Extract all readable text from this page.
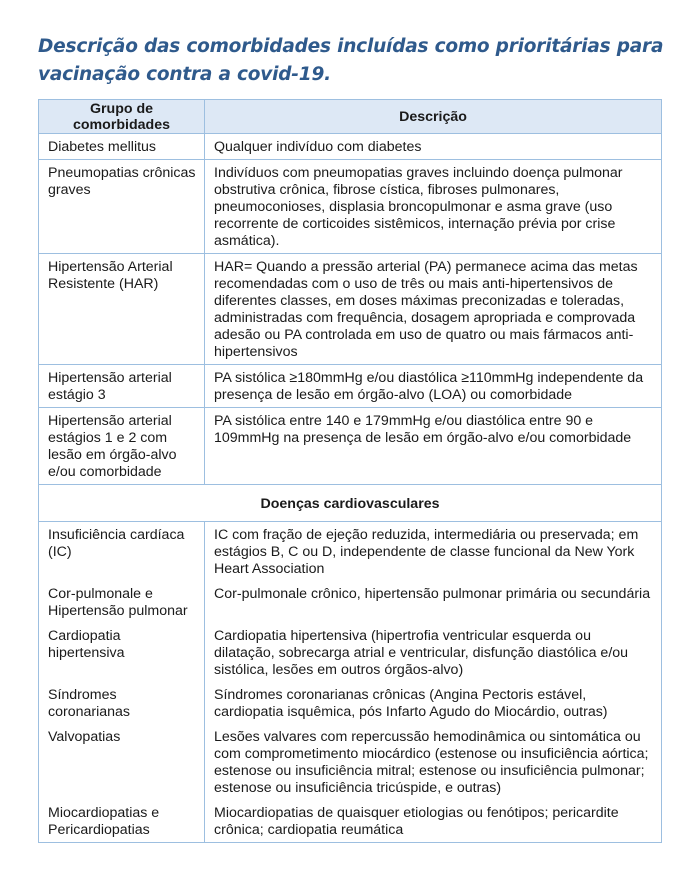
Descrição das comorbidades incluídas como prioritárias para vacinação contra a covid-19.
Grupo de comorbidades	Descrição
Diabetes mellitus	Qualquer indivíduo com diabetes
Pneumopatias crônicas graves	Indivíduos com pneumopatias graves incluindo doença pulmonar obstrutiva crônica, fibrose cística, fibroses pulmonares, pneumoconioses, displasia broncopulmonar e asma grave (uso recorrente de corticoides sistêmicos, internação prévia por crise asmática).
Hipertensão Arterial Resistente (HAR)	HAR= Quando a pressão arterial (PA) permanece acima das metas recomendadas com o uso de três ou mais anti-hipertensivos de diferentes classes, em doses máximas preconizadas e toleradas, administradas com frequência, dosagem apropriada e comprovada adesão ou PA controlada em uso de quatro ou mais fármacos anti-hipertensivos
Hipertensão arterial estágio 3	PA sistólica ≥180mmHg e/ou diastólica ≥110mmHg independente da presença de lesão em órgão-alvo (LOA) ou comorbidade
Hipertensão arterial estágios 1 e 2 com lesão em órgão-alvo e/ou comorbidade	PA sistólica entre 140 e 179mmHg e/ou diastólica entre 90 e 109mmHg na presença de lesão em órgão-alvo e/ou comorbidade
Doenças cardiovasculares	
Insuficiência cardíaca (IC)	IC com fração de ejeção reduzida, intermediária ou preservada; em estágios B, C ou D, independente de classe funcional da New York Heart Association
Cor-pulmonale e Hipertensão pulmonar	Cor-pulmonale crônico, hipertensão pulmonar primária ou secundária
Cardiopatia hipertensiva	Cardiopatia hipertensiva (hipertrofia ventricular esquerda ou dilatação, sobrecarga atrial e ventricular, disfunção diastólica e/ou sistólica, lesões em outros órgãos-alvo)
Síndromes coronarianas	Síndromes coronarianas crônicas (Angina Pectoris estável, cardiopatia isquêmica, pós Infarto Agudo do Miocárdio, outras)
Valvopatias	Lesões valvares com repercussão hemodinâmica ou sintomática ou com comprometimento miocárdico (estenose ou insuficiência aórtica; estenose ou insuficiência mitral; estenose ou insuficiência pulmonar; estenose ou insuficiência tricúspide, e outras)
Miocardiopatias e Pericardiopatias	Miocardiopatias de quaisquer etiologias ou fenótipos; pericardite crônica; cardiopatia reumática
